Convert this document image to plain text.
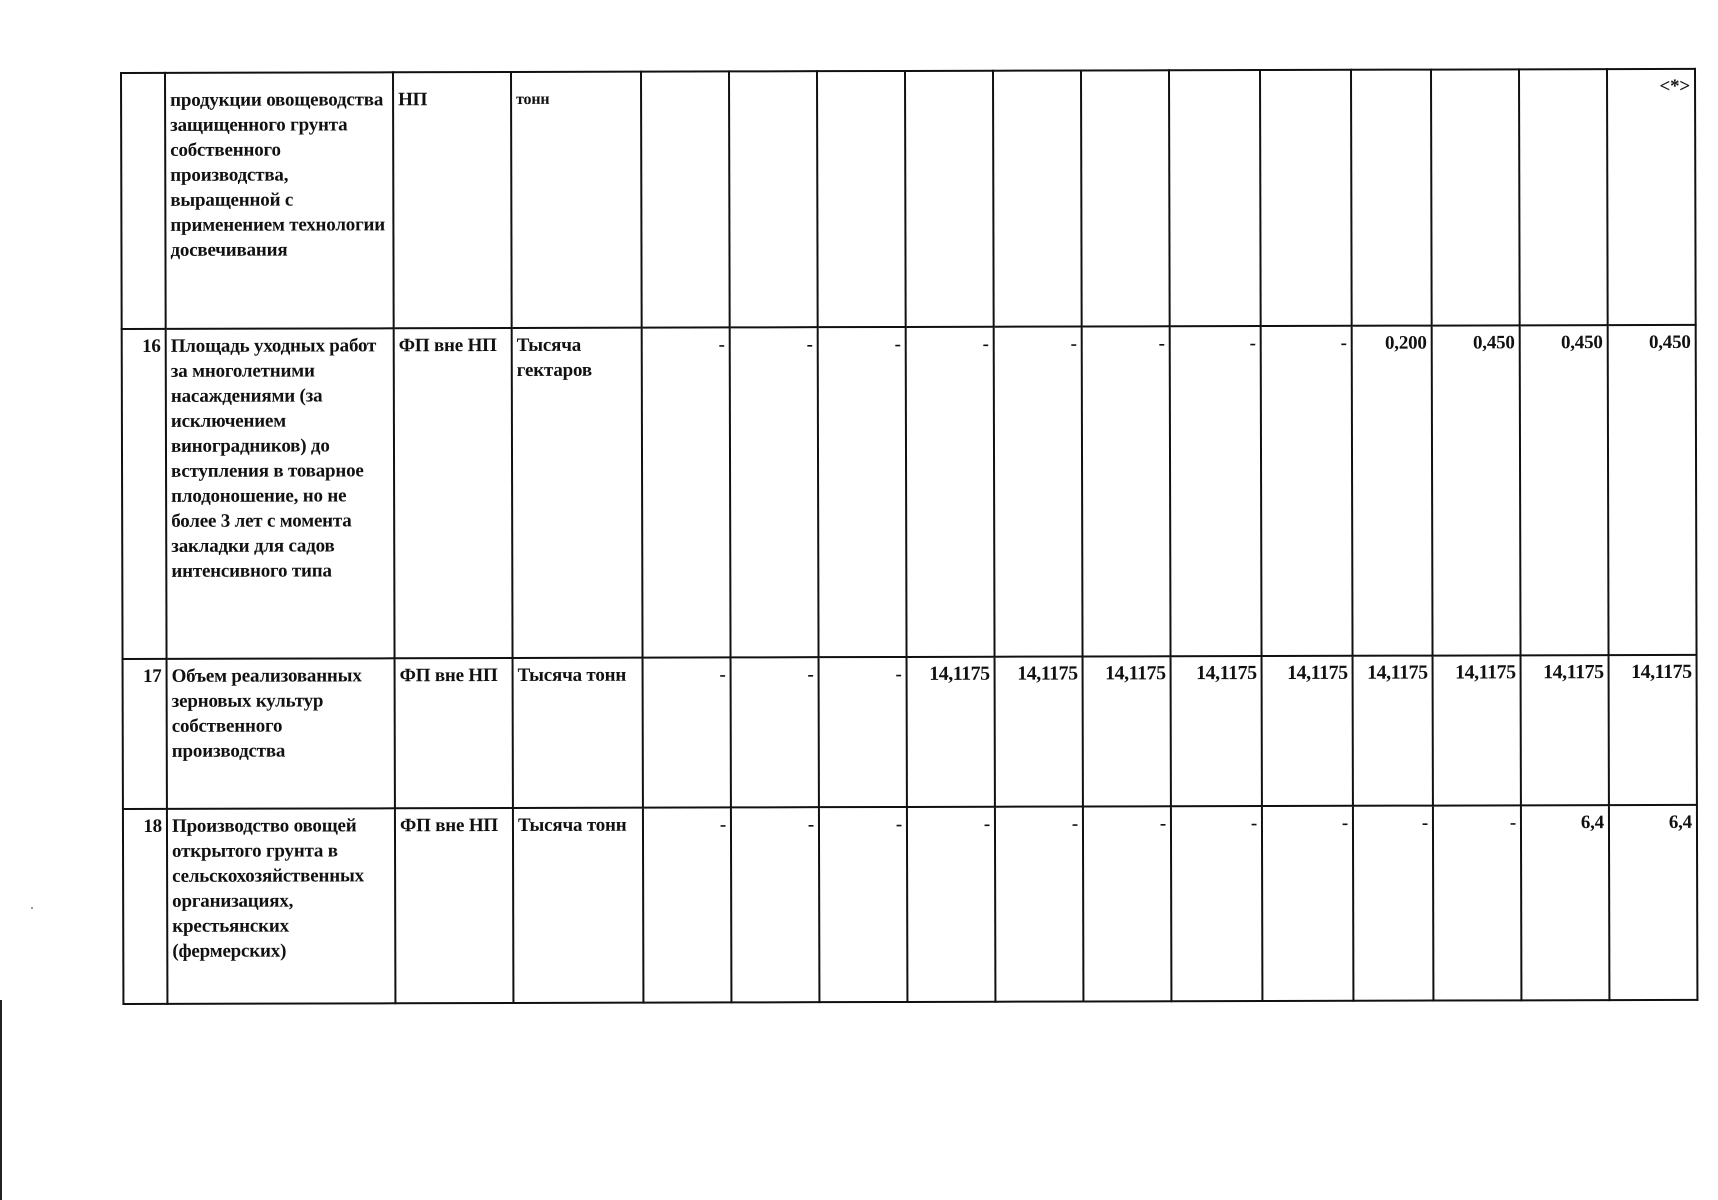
	продукции овощеводства защищенного грунта собственного производства, выращенной с применением технологии досвечивания	НП	тонн												<*>
16	Площадь уходных работ за многолетними насаждениями (за исключением виноградников) до вступления в товарное плодоношение, но не более 3 лет с момента закладки для садов интенсивного типа	ФП вне НП	Тысяча гектаров	-	-	-	-	-	-	-	-	0,200	0,450	0,450	0,450
17	Объем реализованных зерновых культур собственного производства	ФП вне НП	Тысяча тонн	-	-	-	14,1175	14,1175	14,1175	14,1175	14,1175	14,1175	14,1175	14,1175	14,1175
18	Производство овощей открытого грунта в сельскохозяйственных организациях, крестьянских (фермерских)	ФП вне НП	Тысяча тонн	-	-	-	-	-	-	-	-	-	-	6,4	6,4
